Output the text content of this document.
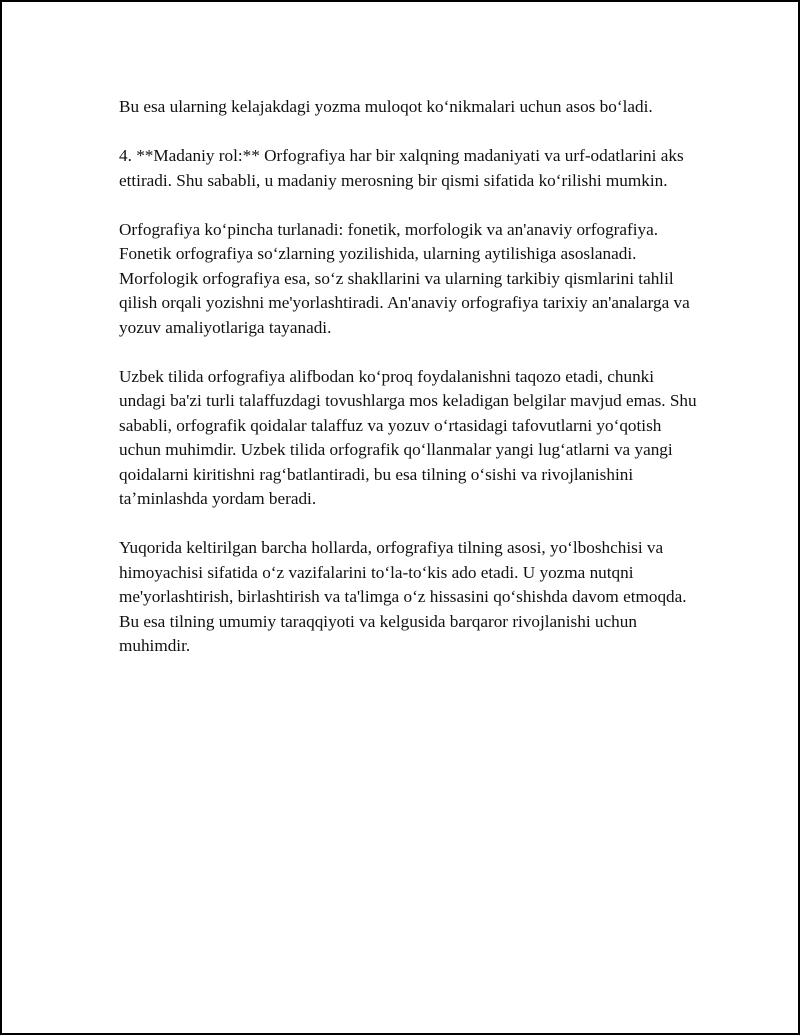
Bu esa ularning kelajakdagi yozma muloqot koʻnikmalari uchun asos boʻladi.

4. **Madaniy rol:** Orfografiya har bir xalqning madaniyati va urf-odatlarini aks ettiradi. Shu sababli, u madaniy merosning bir qismi sifatida koʻrilishi mumkin.

Orfografiya koʻpincha turlanadi: fonetik, morfologik va an'anaviy orfografiya. Fonetik orfografiya soʻzlarning yozilishida, ularning aytilishiga asoslanadi. Morfologik orfografiya esa, soʻz shakllarini va ularning tarkibiy qismlarini tahlil qilish orqali yozishni me'yorlashtiradi. An'anaviy orfografiya tarixiy an'analarga va yozuv amaliyotlariga tayanadi.

Uzbek tilida orfografiya alifbodan koʻproq foydalanishni taqozo etadi, chunki undagi ba'zi turli talaffuzdagi tovushlarga mos keladigan belgilar mavjud emas. Shu sababli, orfografik qoidalar talaffuz va yozuv oʻrtasidagi tafovutlarni yoʻqotish uchun muhimdir. Uzbek tilida orfografik qoʻllanmalar yangi lugʻatlarni va yangi qoidalarni kiritishni ragʻbatlantiradi, bu esa tilning oʻsishi va rivojlanishini taʼminlashda yordam beradi.

Yuqorida keltirilgan barcha hollarda, orfografiya tilning asosi, yoʻlboshchisi va himoyachisi sifatida oʻz vazifalarini toʻla-toʻkis ado etadi. U yozma nutqni me'yorlashtirish, birlashtirish va ta'limga oʻz hissasini qoʻshishda davom etmoqda. Bu esa tilning umumiy taraqqiyoti va kelgusida barqaror rivojlanishi uchun muhimdir.
